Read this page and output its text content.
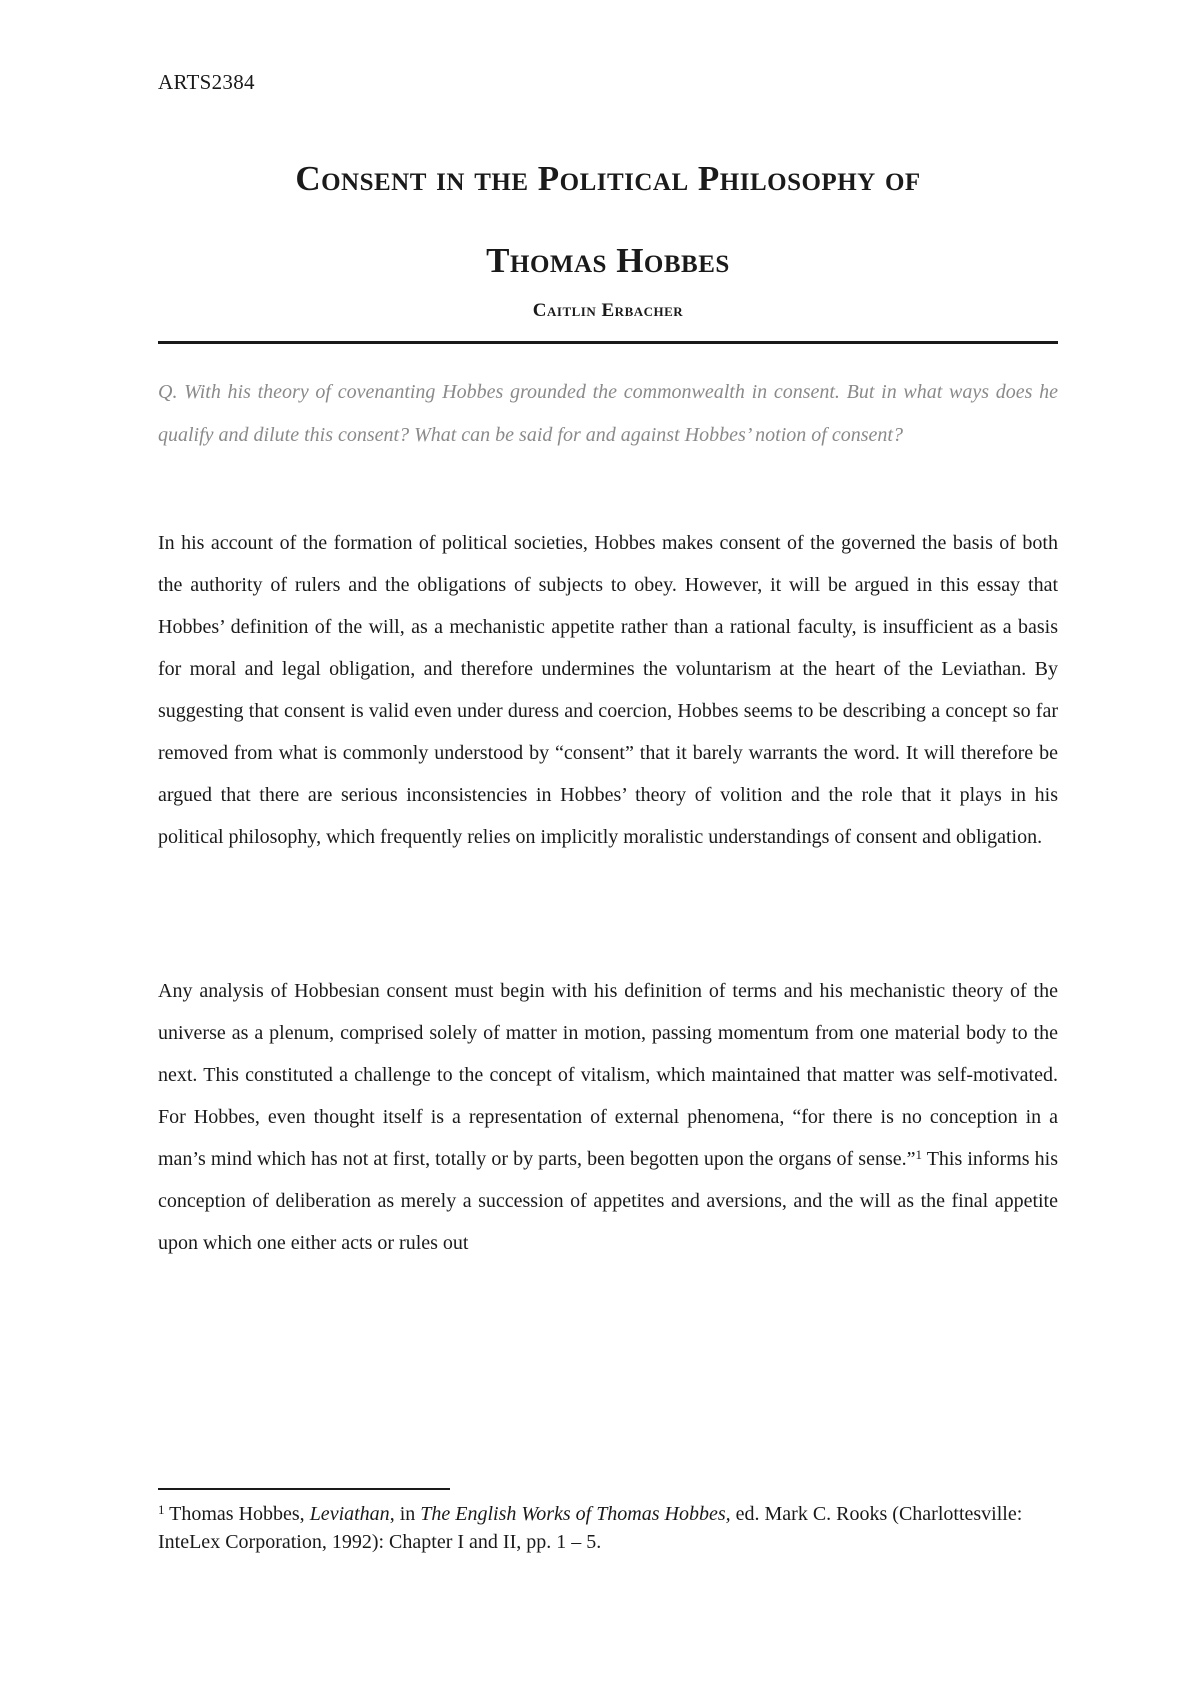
ARTS2384

Consent in the Political Philosophy of
Thomas Hobbes

Caitlin Erbacher

Q. With his theory of covenanting Hobbes grounded the commonwealth in consent. But in what ways does he qualify and dilute this consent? What can be said for and against Hobbes’ notion of consent?

In his account of the formation of political societies, Hobbes makes consent of the governed the basis of both the authority of rulers and the obligations of subjects to obey. However, it will be argued in this essay that Hobbes’ definition of the will, as a mechanistic appetite rather than a rational faculty, is insufficient as a basis for moral and legal obligation, and therefore undermines the voluntarism at the heart of the Leviathan. By suggesting that consent is valid even under duress and coercion, Hobbes seems to be describing a concept so far removed from what is commonly understood by “consent” that it barely warrants the word. It will therefore be argued that there are serious inconsistencies in Hobbes’ theory of volition and the role that it plays in his political philosophy, which frequently relies on implicitly moralistic understandings of consent and obligation.

Any analysis of Hobbesian consent must begin with his definition of terms and his mechanistic theory of the universe as a plenum, comprised solely of matter in motion, passing momentum from one material body to the next. This constituted a challenge to the concept of vitalism, which maintained that matter was self-motivated. For Hobbes, even thought itself is a representation of external phenomena, “for there is no conception in a man’s mind which has not at first, totally or by parts, been begotten upon the organs of sense.”$^1$ This informs his conception of deliberation as merely a succession of appetites and aversions, and the will as the final appetite upon which one either acts or rules out

$^1$ Thomas Hobbes, Leviathan, in The English Works of Thomas Hobbes, ed. Mark C. Rooks (Charlottesville: InteLex Corporation, 1992): Chapter I and II, pp. 1 – 5.
